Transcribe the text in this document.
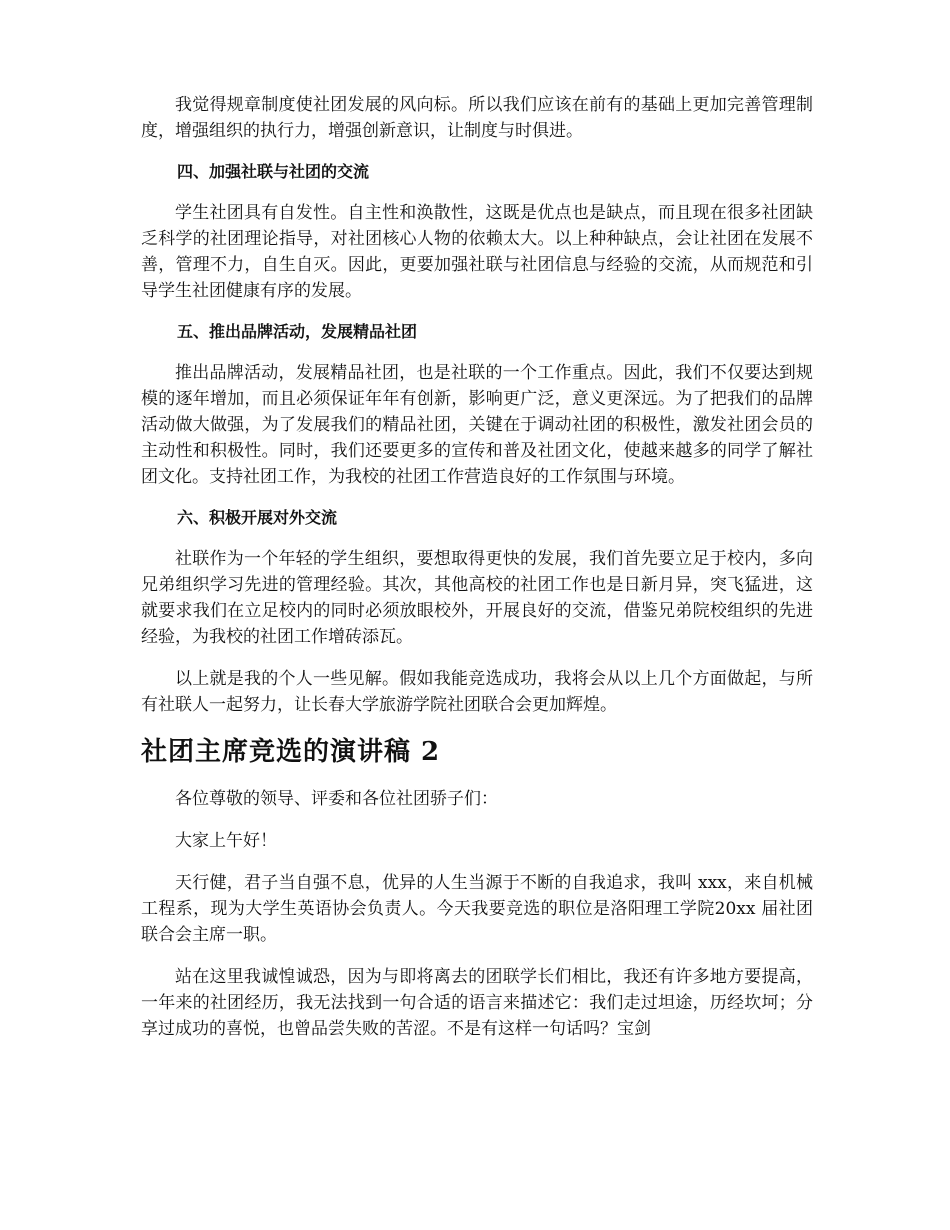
我觉得规章制度使社团发展的风向标。所以我们应该在前有的基础上更加完善管理制度，增强组织的执行力，增强创新意识，让制度与时俱进。

四、加强社联与社团的交流

学生社团具有自发性。自主性和涣散性，这既是优点也是缺点，而且现在很多社团缺乏科学的社团理论指导，对社团核心人物的依赖太大。以上种种缺点，会让社团在发展不善，管理不力，自生自灭。因此，更要加强社联与社团信息与经验的交流，从而规范和引导学生社团健康有序的发展。

五、推出品牌活动，发展精品社团

推出品牌活动，发展精品社团，也是社联的一个工作重点。因此，我们不仅要达到规模的逐年增加，而且必须保证年年有创新，影响更广泛，意义更深远。为了把我们的品牌活动做大做强，为了发展我们的精品社团，关键在于调动社团的积极性，激发社团会员的主动性和积极性。同时，我们还要更多的宣传和普及社团文化，使越来越多的同学了解社团文化。支持社团工作，为我校的社团工作营造良好的工作氛围与环境。

六、积极开展对外交流

社联作为一个年轻的学生组织，要想取得更快的发展，我们首先要立足于校内，多向兄弟组织学习先进的管理经验。其次，其他高校的社团工作也是日新月异，突飞猛进，这就要求我们在立足校内的同时必须放眼校外，开展良好的交流，借鉴兄弟院校组织的先进经验，为我校的社团工作增砖添瓦。

以上就是我的个人一些见解。假如我能竞选成功，我将会从以上几个方面做起，与所有社联人一起努力，让长春大学旅游学院社团联合会更加辉煌。

社团主席竞选的演讲稿 2

各位尊敬的领导、评委和各位社团骄子们：

大家上午好！

天行健，君子当自强不息，优异的人生当源于不断的自我追求，我叫 xxx，来自机械工程系，现为大学生英语协会负责人。今天我要竞选的职位是洛阳理工学院20xx 届社团联合会主席一职。

站在这里我诚惶诚恐，因为与即将离去的团联学长们相比，我还有许多地方要提高，一年来的社团经历，我无法找到一句合适的语言来描述它：我们走过坦途，历经坎坷；分享过成功的喜悦，也曾品尝失败的苦涩。不是有这样一句话吗？宝剑
